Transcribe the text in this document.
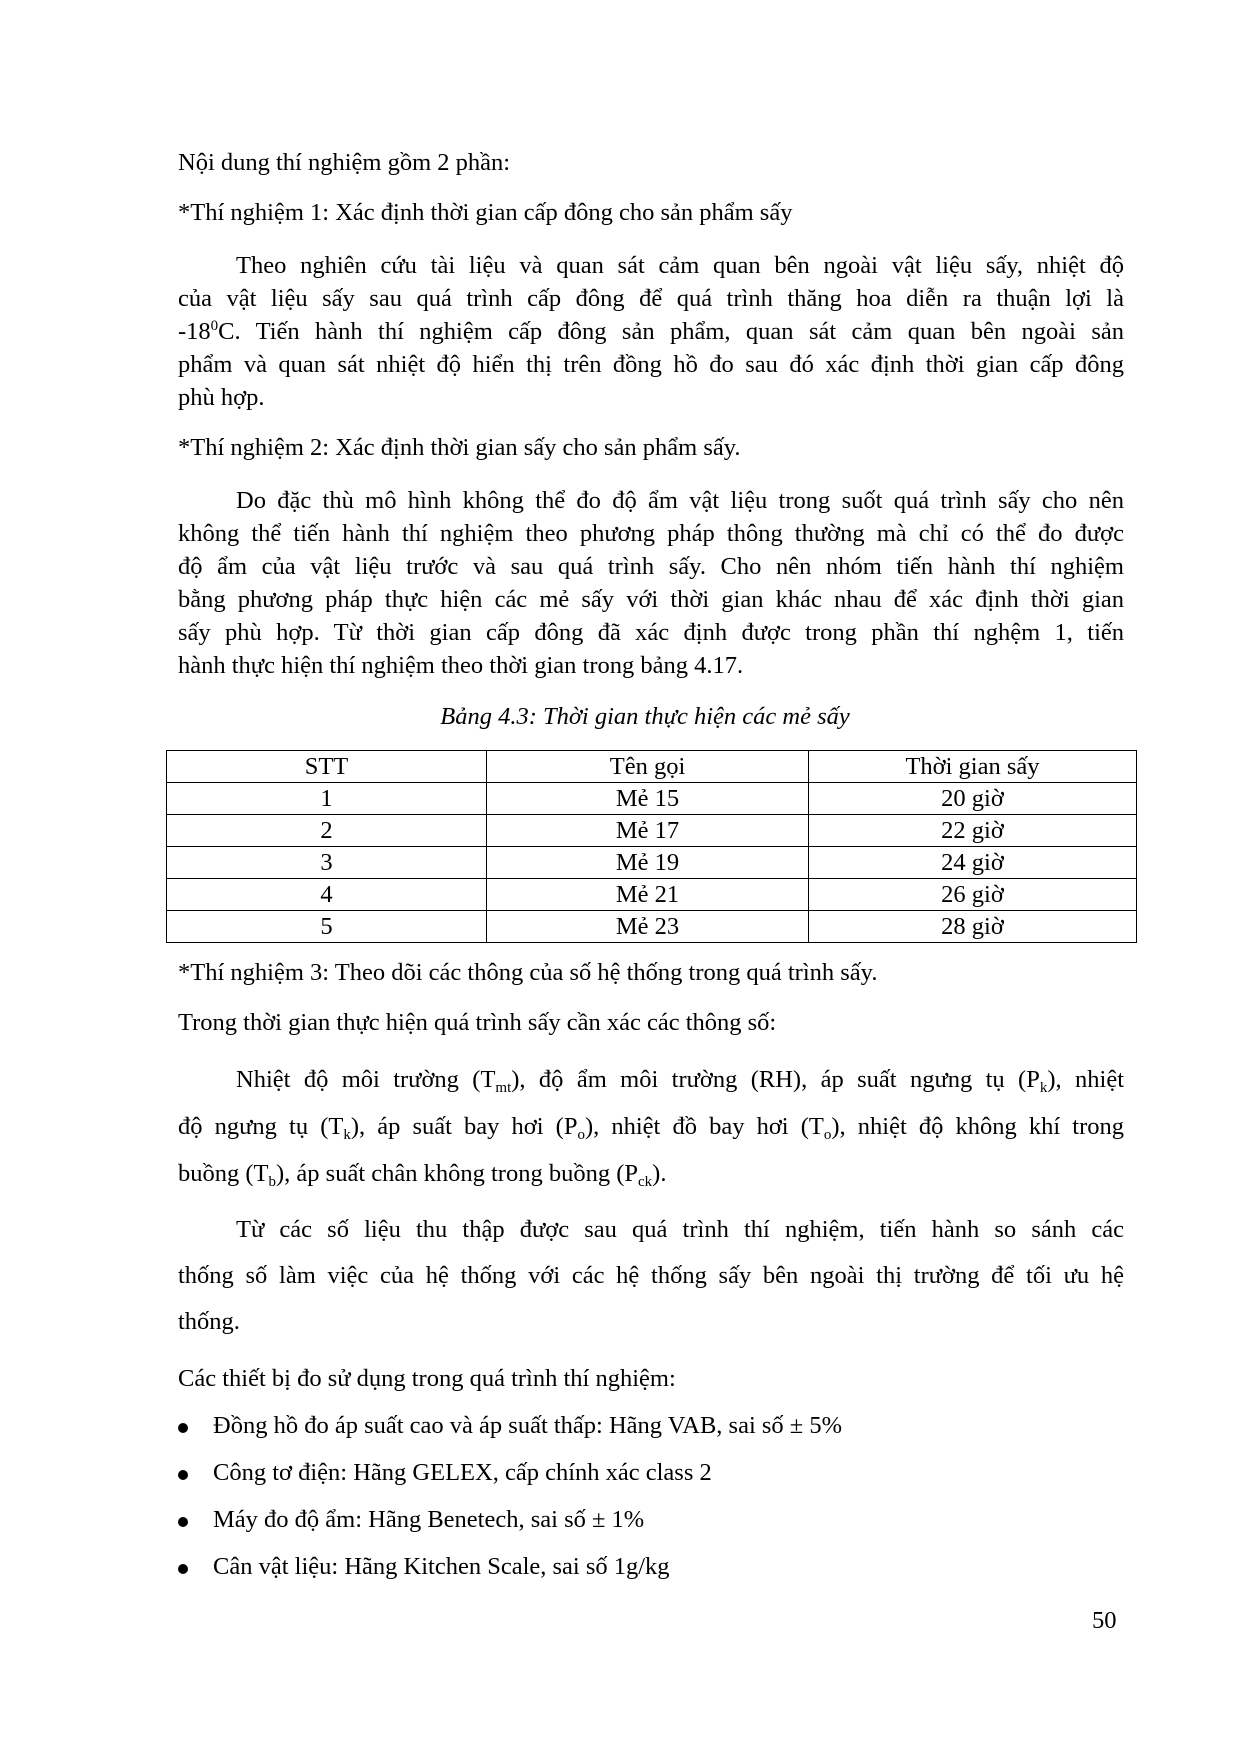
Nội dung thí nghiệm gồm 2 phần:
*Thí nghiệm 1: Xác định thời gian cấp đông cho sản phẩm sấy
Theo nghiên cứu tài liệu và quan sát cảm quan bên ngoài vật liệu sấy, nhiệt độ
của vật liệu sấy sau quá trình cấp đông để quá trình thăng hoa diễn ra thuận lợi là
$-18^0C$. Tiến hành thí nghiệm cấp đông sản phẩm, quan sát cảm quan bên ngoài sản
phẩm và quan sát nhiệt độ hiển thị trên đồng hồ đo sau đó xác định thời gian cấp đông
phù hợp.
*Thí nghiệm 2: Xác định thời gian sấy cho sản phẩm sấy.
Do đặc thù mô hình không thể đo độ ẩm vật liệu trong suốt quá trình sấy cho nên
không thể tiến hành thí nghiệm theo phương pháp thông thường mà chỉ có thể đo được
độ ẩm của vật liệu trước và sau quá trình sấy. Cho nên nhóm tiến hành thí nghiệm
bằng phương pháp thực hiện các mẻ sấy với thời gian khác nhau để xác định thời gian
sấy phù hợp. Từ thời gian cấp đông đã xác định được trong phần thí nghệm 1, tiến
hành thực hiện thí nghiệm theo thời gian trong bảng 4.17.
Bảng 4.3: Thời gian thực hiện các mẻ sấy
STT	Tên gọi	Thời gian sấy
1	Mẻ 15	20 giờ
2	Mẻ 17	22 giờ
3	Mẻ 19	24 giờ
4	Mẻ 21	26 giờ
5	Mẻ 23	28 giờ
*Thí nghiệm 3: Theo dõi các thông của số hệ thống trong quá trình sấy.
Trong thời gian thực hiện quá trình sấy cần xác các thông số:
Nhiệt độ môi trường $(T_{mt})$, độ ẩm môi trường (RH), áp suất ngưng tụ $(P_k)$, nhiệt
độ ngưng tụ $(T_k)$, áp suất bay hơi $(P_o)$, nhiệt đồ bay hơi $(T_o)$, nhiệt độ không khí trong
buồng $(T_b)$, áp suất chân không trong buồng $(P_{ck})$.
Từ các số liệu thu thập được sau quá trình thí nghiệm, tiến hành so sánh các
thống số làm việc của hệ thống với các hệ thống sấy bên ngoài thị trường để tối ưu hệ
thống.
Các thiết bị đo sử dụng trong quá trình thí nghiệm:
Đồng hồ đo áp suất cao và áp suất thấp: Hãng VAB, sai số ± 5%
Công tơ điện: Hãng GELEX, cấp chính xác class 2
Máy đo độ ẩm: Hãng Benetech, sai số ± 1%
Cân vật liệu: Hãng Kitchen Scale, sai số 1g/kg
50
